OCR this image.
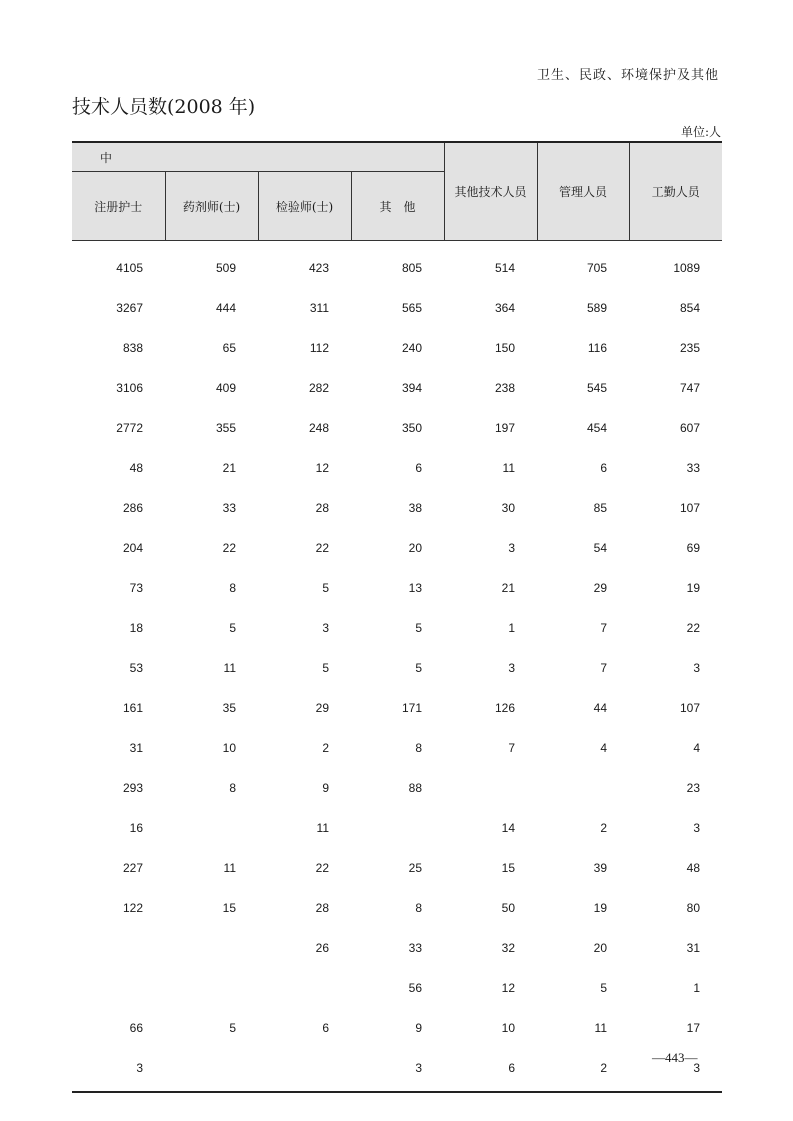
卫生、民政、环境保护及其他
技术人员数(2008 年)
单位:人
中				其他技术人员	管理人员	工勤人员
注册护士	药剂师(士)	检验师(士)	其　他			
4105	509	423	805	514	705	1089
3267	444	311	565	364	589	854
838	65	112	240	150	116	235
3106	409	282	394	238	545	747
2772	355	248	350	197	454	607
48	21	12	6	11	6	33
286	33	28	38	30	85	107
204	22	22	20	3	54	69
73	8	5	13	21	29	19
18	5	3	5	1	7	22
53	11	5	5	3	7	3
161	35	29	171	126	44	107
31	10	2	8	7	4	4
293	8	9	88			23
16		11		14	2	3
227	11	22	25	15	39	48
122	15	28	8	50	19	80
		26	33	32	20	31
			56	12	5	1
66	5	6	9	10	11	17
3			3	6	2	3
—443—
